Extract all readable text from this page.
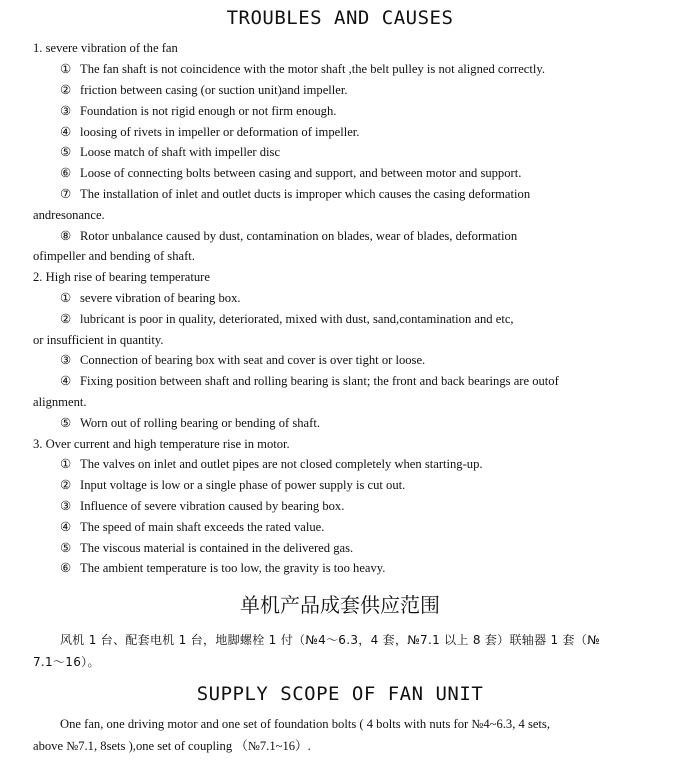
TROUBLES AND CAUSES
1. severe vibration of the fan
① The fan shaft is not coincidence with the motor shaft ,the belt pulley is not aligned correctly.
② friction between casing (or suction unit)and impeller.
③ Foundation is not rigid enough or not firm enough.
④ loosing of rivets in impeller or deformation of impeller.
⑤ Loose match of shaft with impeller disc
⑥ Loose of connecting bolts between casing and support, and between motor and support.
⑦ The installation of inlet and outlet ducts is improper which causes the casing deformation
andresonance.
⑧ Rotor unbalance caused by dust, contamination on blades, wear of blades, deformation
ofimpeller and bending of shaft.
2. High rise of bearing temperature
① severe vibration of bearing box.
② lubricant is poor in quality, deteriorated, mixed with dust, sand,contamination and etc,
or insufficient in quantity.
③ Connection of bearing box with seat and cover is over tight or loose.
④ Fixing position between shaft and rolling bearing is slant; the front and back bearings are outof
alignment.
⑤ Worn out of rolling bearing or bending of shaft.
3. Over current and high temperature rise in motor.
① The valves on inlet and outlet pipes are not closed completely when starting-up.
② Input voltage is low or a single phase of power supply is cut out.
③ Influence of severe vibration caused by bearing box.
④ The speed of main shaft exceeds the rated value.
⑤ The viscous material is contained in the delivered gas.
⑥ The ambient temperature is too low, the gravity is too heavy.
单机产品成套供应范围
风机 1 台、配套电机 1 台，地脚螺栓 1 付（№4～6.3，4 套，№7.1 以上 8 套）联轴器 1 套（№
7.1～16）。
SUPPLY SCOPE OF FAN UNIT
One fan, one driving motor and one set of foundation bolts ( 4 bolts with nuts for №4~6.3, 4 sets,
above №7.1, 8sets ),one set of coupling （№7.1~16）.
